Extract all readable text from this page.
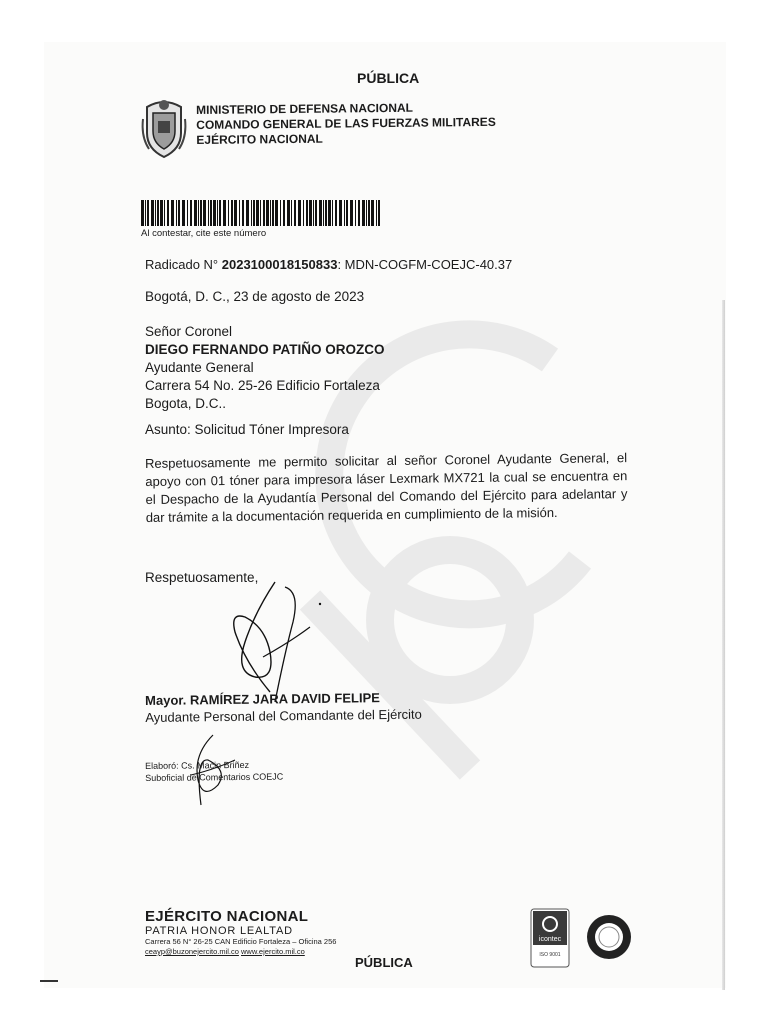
PÚBLICA
MINISTERIO DE DEFENSA NACIONAL
COMANDO GENERAL DE LAS FUERZAS MILITARES
EJÉRCITO NACIONAL
Al contestar, cite este número
Radicado N° 2023100018150833: MDN-COGFM-COEJC-40.37
Bogotá, D. C., 23 de agosto de 2023
Señor Coronel
DIEGO FERNANDO PATIÑO OROZCO
Ayudante General
Carrera 54 No. 25-26 Edificio Fortaleza
Bogota, D.C..
Asunto: Solicitud Tóner Impresora
Respetuosamente me permito solicitar al señor Coronel Ayudante General, el apoyo con 01 tóner para impresora láser Lexmark MX721 la cual se encuentra en el Despacho de la Ayudantía Personal del Comando del Ejército para adelantar y dar trámite a la documentación requerida en cumplimiento de la misión.
Respetuosamente,
Mayor. RAMÍREZ JARA DAVID FELIPE
Ayudante Personal del Comandante del Ejército
Elaboró: Cs. Macin Briñez
Suboficial de Comentarios COEJC
EJÉRCITO NACIONAL
PATRIA HONOR LEALTAD
Carrera 56 N° 26-25 CAN Edificio Fortaleza – Oficina 256
ceayp@buzonejercito.mil.co www.ejercito.mil.co
icontec
ISO 9001
PÚBLICA
